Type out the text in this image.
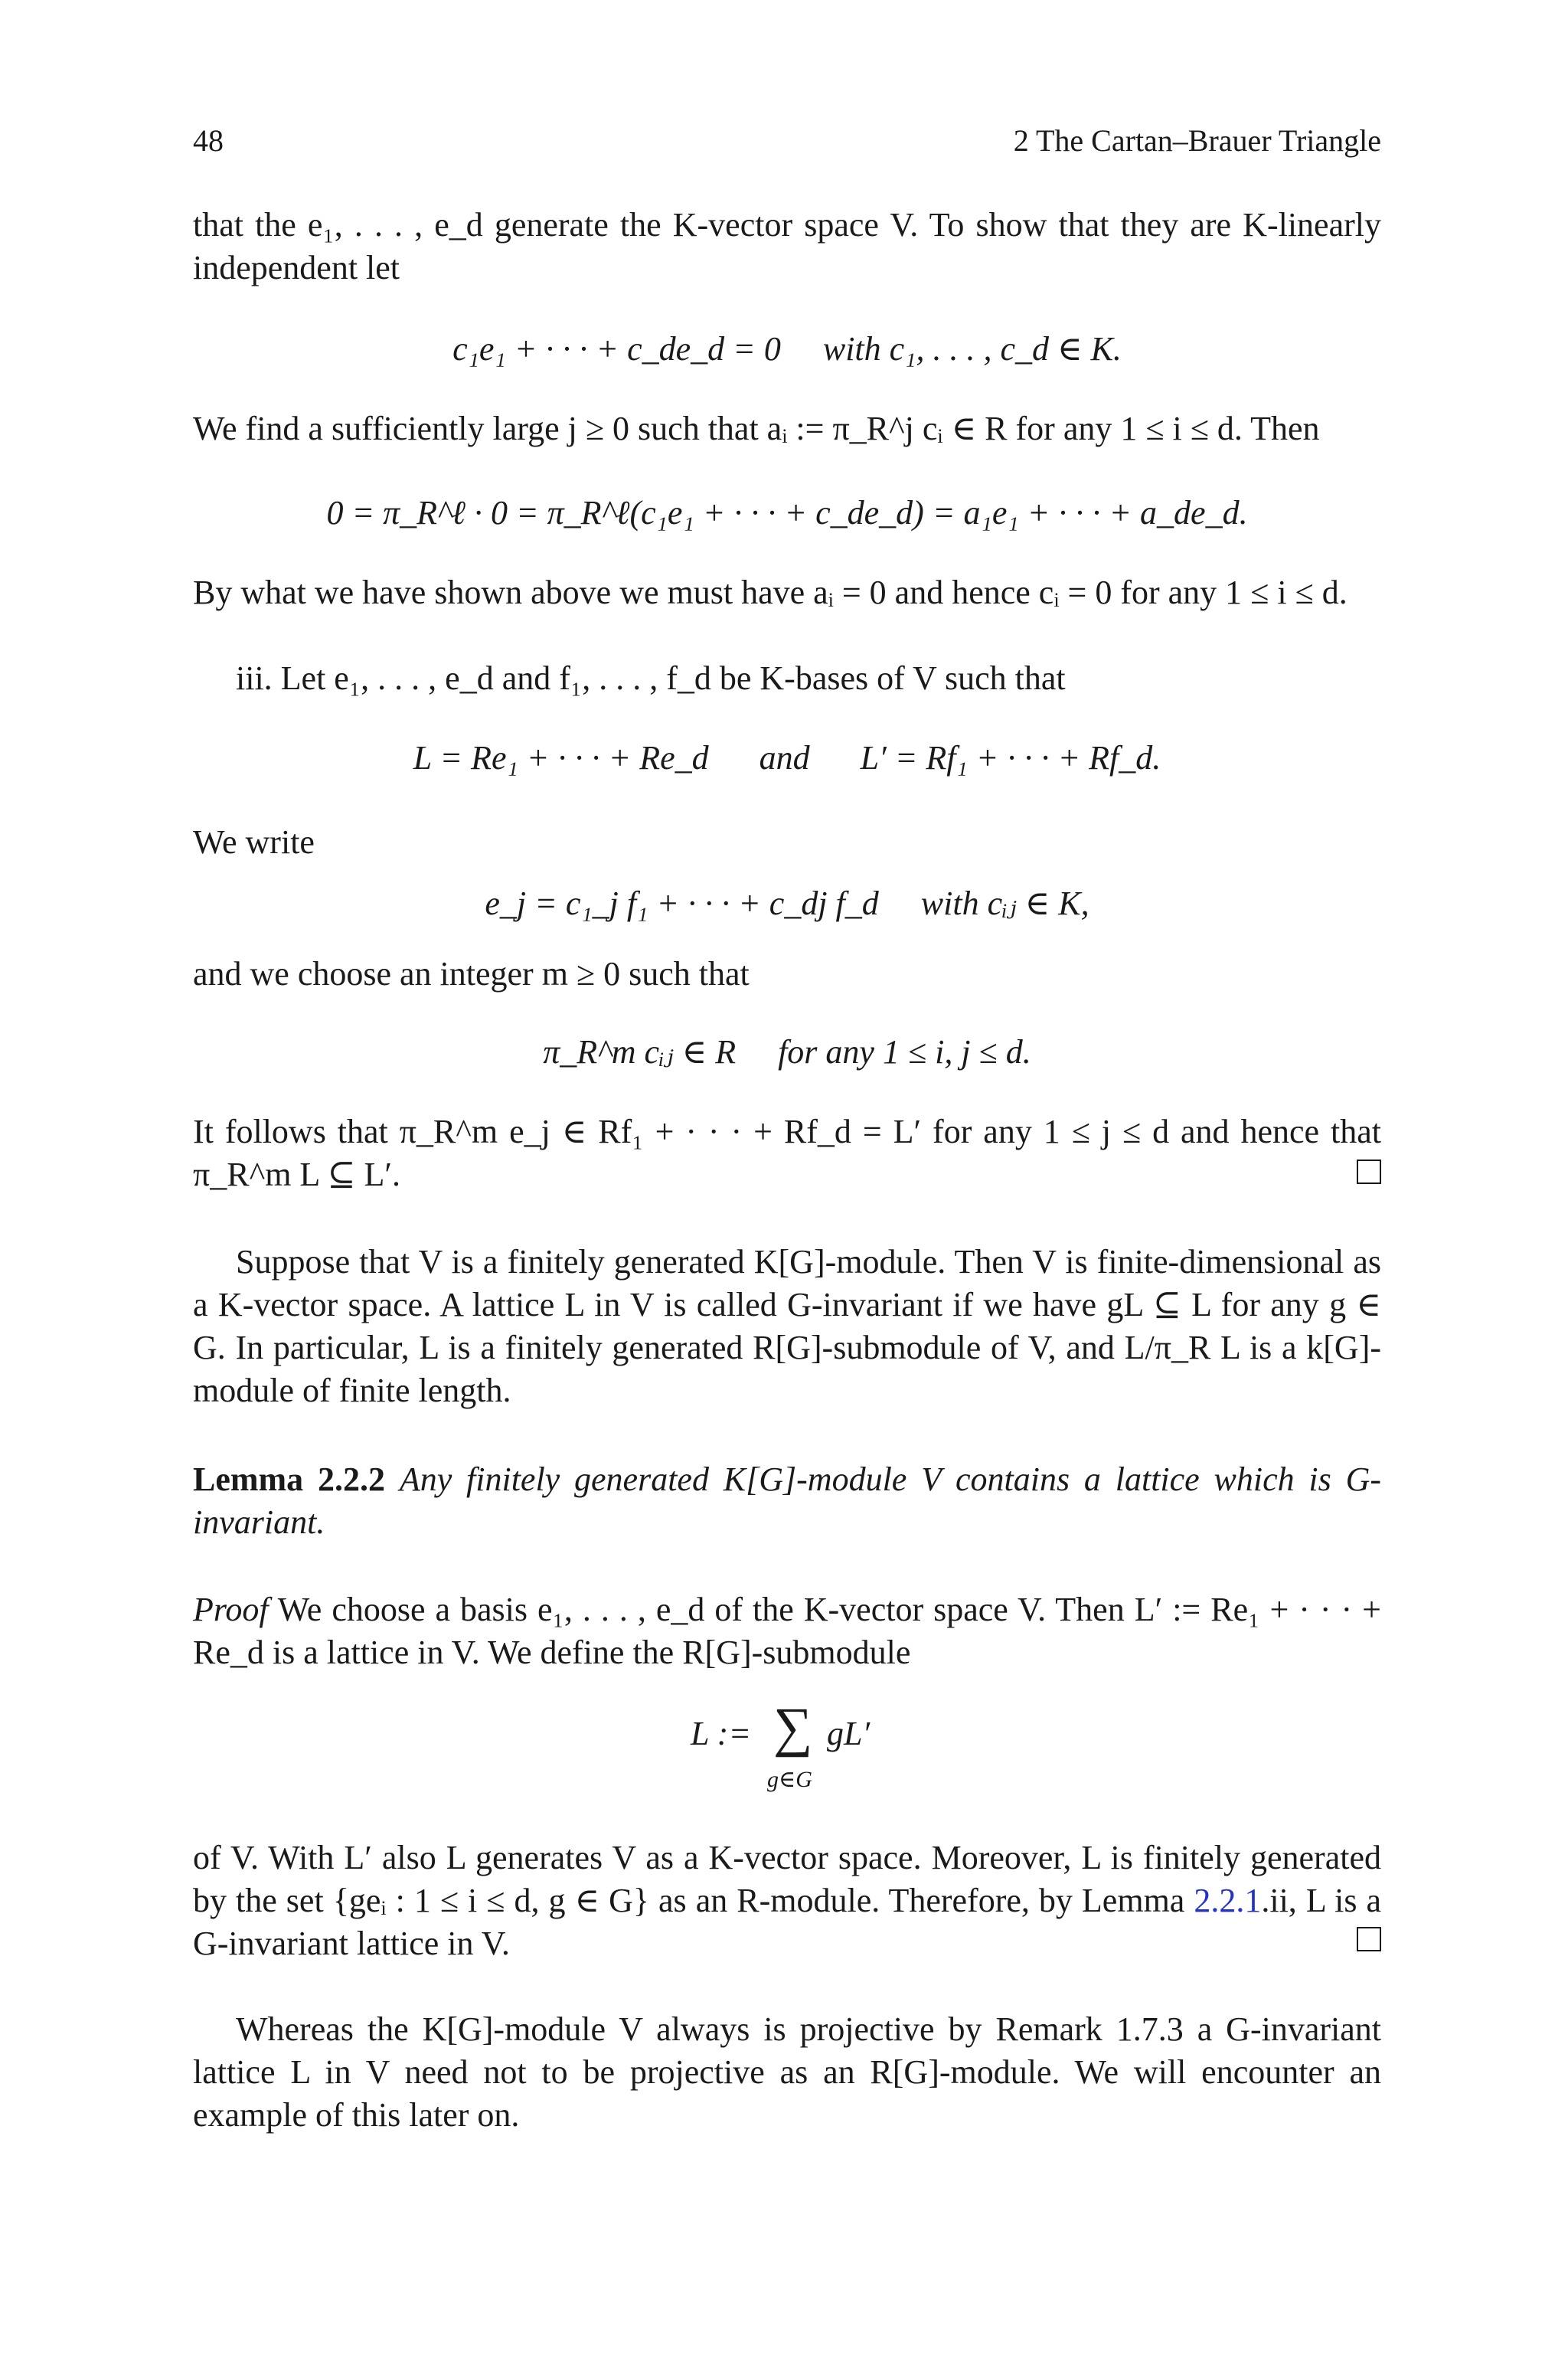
48	2 The Cartan–Brauer Triangle

that the e₁, . . . , e_d generate the K-vector space V. To show that they are K-linearly independent let

c₁e₁ + · · · + c_de_d = 0     with c₁, . . . , c_d ∈ K.

We find a sufficiently large j ≥ 0 such that aᵢ := π_R^j cᵢ ∈ R for any 1 ≤ i ≤ d. Then

0 = π_R^ℓ · 0 = π_R^ℓ(c₁e₁ + · · · + c_de_d) = a₁e₁ + · · · + a_de_d.

By what we have shown above we must have aᵢ = 0 and hence cᵢ = 0 for any 1 ≤ i ≤ d.

iii. Let e₁, . . . , e_d and f₁, . . . , f_d be K-bases of V such that

L = Re₁ + · · · + Re_d      and      L′ = Rf₁ + · · · + Rf_d.

We write

e_j = c₁_j f₁ + · · · + c_dj f_d     with cᵢⱼ ∈ K,

and we choose an integer m ≥ 0 such that

π_R^m cᵢⱼ ∈ R     for any 1 ≤ i, j ≤ d.

It follows that π_R^m e_j ∈ Rf₁ + · · · + Rf_d = L′ for any 1 ≤ j ≤ d and hence that π_R^m L ⊆ L′.

Suppose that V is a finitely generated K[G]-module. Then V is finite-dimensional as a K-vector space. A lattice L in V is called G-invariant if we have gL ⊆ L for any g ∈ G. In particular, L is a finitely generated R[G]-submodule of V, and L/π_R L is a k[G]-module of finite length.

Lemma 2.2.2 Any finitely generated K[G]-module V contains a lattice which is G-invariant.

Proof We choose a basis e₁, . . . , e_d of the K-vector space V. Then L′ := Re₁ + · · · + Re_d is a lattice in V. We define the R[G]-submodule

L := ∑ gL′
g∈G

of V. With L′ also L generates V as a K-vector space. Moreover, L is finitely generated by the set {geᵢ : 1 ≤ i ≤ d, g ∈ G} as an R-module. Therefore, by Lemma 2.2.1.ii, L is a G-invariant lattice in V.

Whereas the K[G]-module V always is projective by Remark 1.7.3 a G-invariant lattice L in V need not to be projective as an R[G]-module. We will encounter an example of this later on.
